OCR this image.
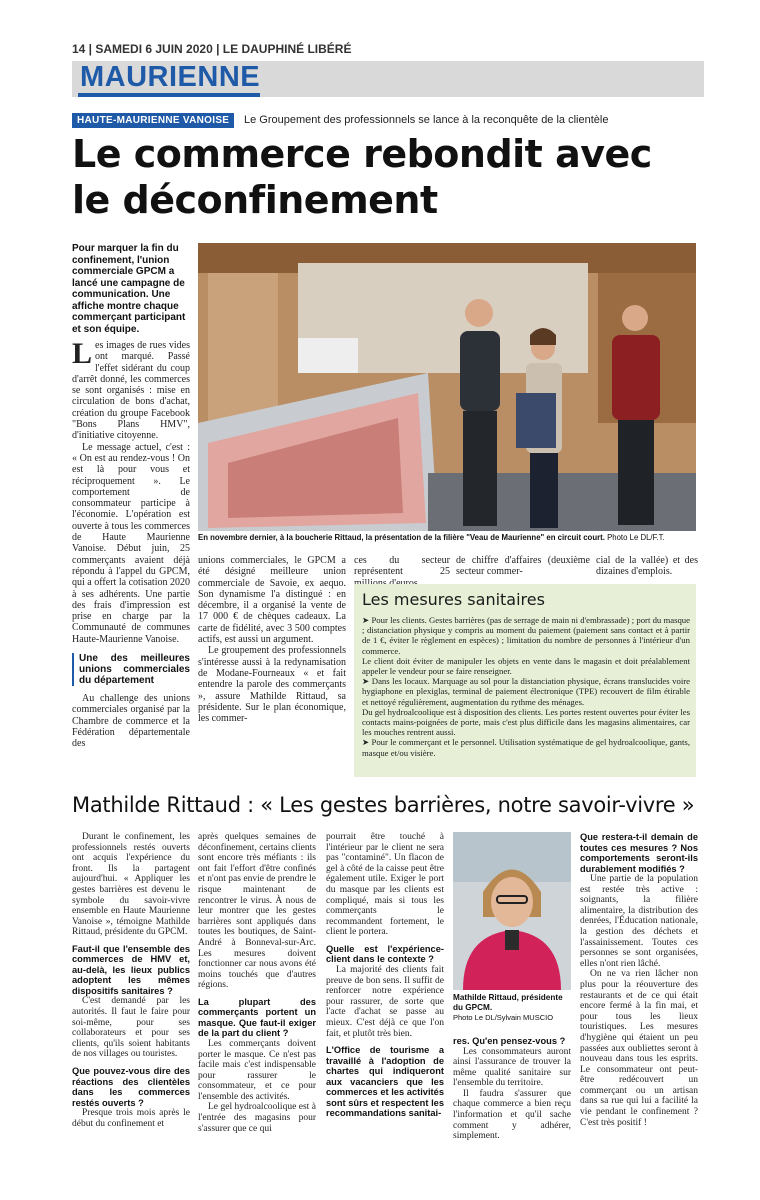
14 | SAMEDI 6 JUIN 2020 | LE DAUPHINÉ LIBÉRÉ
MAURIENNE
HAUTE-MAURIENNE VANOISE	Le Groupement des professionnels se lance à la reconquête de la clientèle
Le commerce rebondit avec le déconfinement
Pour marquer la fin du confinement, l'union commerciale GPCM a lancé une campagne de communication. Une affiche montre chaque commerçant participant et son équipe.

Les images de rues vides ont marqué. Passé l'effet sidérant du coup d'arrêt donné, les commerces se sont organisés : mise en circulation de bons d'achat, création du groupe Facebook "Bons Plans HMV", d'initiative citoyenne.

Le message actuel, c'est : « On est au rendez-vous ! On est là pour vous et réciproquement ». Le comportement de consommateur participe à l'économie. L'opération est ouverte à tous les commerces de Haute Maurienne Vanoise. Début juin, 25 commerçants avaient déjà répondu à l'appel du GPCM, qui a offert la cotisation 2020 à ses adhérents. Une partie des frais d'impression est prise en charge par la Communauté de communes Haute-Maurienne Vanoise.

Une des meilleures unions commerciales du département

Au challenge des unions commerciales organisé par la Chambre de commerce et la Fédération départementale des

En novembre dernier, à la boucherie Rittaud, la présentation de la filière "Veau de Maurienne" en circuit court. Photo Le DL/F.T.

unions commerciales, le GPCM a été désigné meilleure union commerciale de Savoie, ex aequo. Son dynamisme l'a distingué : en décembre, il a organisé la vente de 17 000 € de chèques cadeaux. La carte de fidélité, avec 3 500 comptes actifs, est aussi un argument.

Le groupement des professionnels s'intéresse aussi à la redynamisation de Modane-Fourneaux « et fait entendre la parole des commerçants », assure Mathilde Rittaud, sa présidente. Sur le plan économique, les commer-

ces du secteur représentent 25

de chiffre d'affaires (deuxième secteur commer-

cial de la vallée) et des dizaines d'emplois.

Les mesures sanitaires

➤ Pour les clients. Gestes barrières (pas de serrage de main ni d'embrassade) ; port du masque ; distanciation physique y compris au moment du paiement (paiement sans contact et à partir de 1 €, éviter le règlement en espèces) ; limitation du nombre de personnes à l'intérieur d'un commerce.

Le client doit éviter de manipuler les objets en vente dans le magasin et doit préalablement appeler le vendeur pour se faire renseigner.

➤ Dans les locaux. Marquage au sol pour la distanciation physique, écrans translucides voire hygiaphone en plexiglas, terminal de paiement électronique (TPE) recouvert de film étirable et nettoyé régulièrement, augmentation du rythme des ménages.

Du gel hydroalcoolique est à disposition des clients. Les portes restent ouvertes pour éviter les contacts mains-poignées de porte, mais c'est plus difficile dans les magasins alimentaires, car les mouches rentrent aussi.

➤ Pour le commerçant et le personnel. Utilisation systématique de gel hydroalcoolique, gants, masque et/ou visière.

Mathilde Rittaud : « Les gestes barrières, notre savoir-vivre »

Durant le confinement, les professionnels restés ouverts ont acquis l'expérience du front. Ils la partagent aujourd'hui. « Appliquer les gestes barrières est devenu le symbole du savoir-vivre ensemble en Haute Maurienne Vanoise », témoigne Mathilde Rittaud, présidente du GPCM.

Faut-il que l'ensemble des commerces de HMV et, au-delà, les lieux publics adoptent les mêmes dispositifs sanitaires ?

C'est demandé par les autorités. Il faut le faire pour soi-même, pour ses collaborateurs et pour ses clients, qu'ils soient habitants de nos villages ou touristes.

Que pouvez-vous dire des réactions des clientèles dans les commerces restés ouverts ?

Presque trois mois après le début du confinement et

après quelques semaines de déconfinement, certains clients sont encore très méfiants : ils ont fait l'effort d'être confinés et n'ont pas envie de prendre le risque maintenant de rencontrer le virus. À nous de leur montrer que les gestes barrières sont appliqués dans toutes les boutiques, de Saint-André à Bonneval-sur-Arc. Les mesures doivent fonctionner car nous avons été moins touchés que d'autres régions.

La plupart des commerçants portent un masque. Que faut-il exiger de la part du client ?

Les commerçants doivent porter le masque. Ce n'est pas facile mais c'est indispensable pour rassurer le consommateur, et ce pour l'ensemble des activités.

Le gel hydroalcoolique est à l'entrée des magasins pour s'assurer que ce qui

pourrait être touché à l'intérieur par le client ne sera pas "contaminé". Un flacon de gel à côté de la caisse peut être également utile. Exiger le port du masque par les clients est compliqué, mais si tous les commerçants le recommandent fortement, le client le portera.

Quelle est l'expérience-client dans le contexte ?

La majorité des clients fait preuve de bon sens. Il suffit de renforcer notre expérience pour rassurer, de sorte que l'acte d'achat se passe au mieux. C'est déjà ce que l'on fait, et plutôt très bien.

L'Office de tourisme a travaillé à l'adoption de chartes qui indiqueront aux vacanciers que les commerces et les activités sont sûrs et respectent les recommandations sanitai-
Mathilde Rittaud, présidente du GPCM.
Photo Le DL/Sylvain MUSCIO
res. Qu'en pensez-vous ?

Les consommateurs auront ainsi l'assurance de trouver la même qualité sanitaire sur l'ensemble du territoire.

Il faudra s'assurer que chaque commerce a bien reçu l'information et qu'il sache comment y adhérer, simplement.

Que restera-t-il demain de toutes ces mesures ? Nos comportements seront-ils durablement modifiés ?

Une partie de la population est restée très active : soignants, la filière alimentaire, la distribution des denrées, l'Éducation nationale, la gestion des déchets et l'assainissement. Toutes ces personnes se sont organisées, elles n'ont rien lâché.

On ne va rien lâcher non plus pour la réouverture des restaurants et de ce qui était encore fermé à la fin mai, et pour tous les lieux touristiques. Les mesures d'hygiène qui étaient un peu passées aux oubliettes seront à nouveau dans tous les esprits. Le consommateur ont peut-être redécouvert un commerçant ou un artisan dans sa rue qui lui a facilité la vie pendant le confinement ? C'est très positif !
